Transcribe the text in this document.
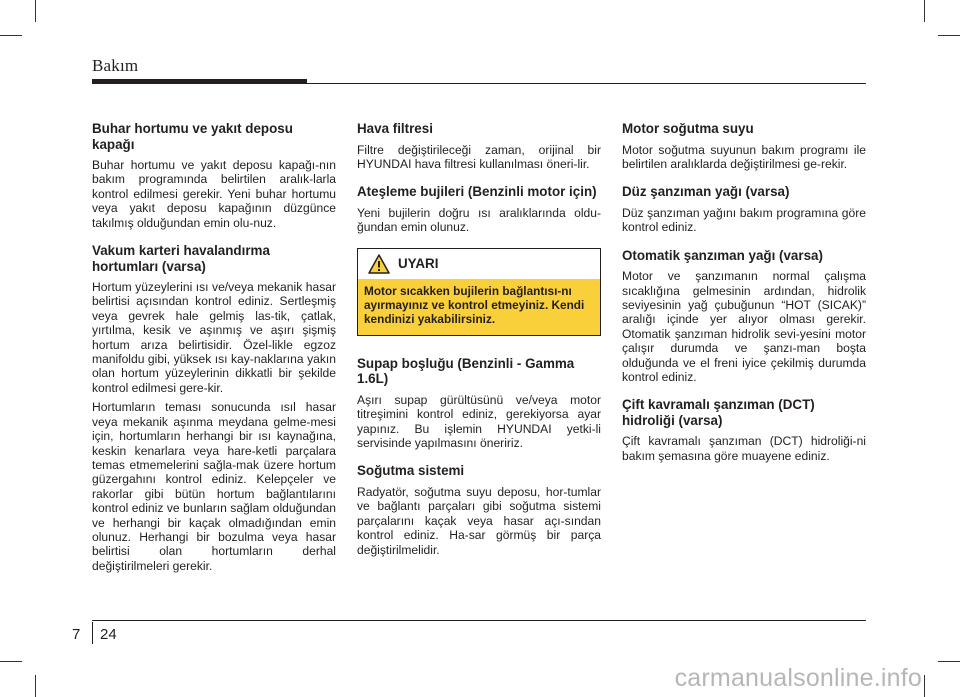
Bakım
Buhar hortumu ve yakıt deposu kapağı

Buhar hortumu ve yakıt deposu kapağı-nın bakım programında belirtilen aralık-larla kontrol edilmesi gerekir. Yeni buhar hortumu veya yakıt deposu kapağının düzgünce takılmış olduğundan emin olu-nuz.

Vakum karteri havalandırma hortumları (varsa)

Hortum yüzeylerini ısı ve/veya mekanik hasar belirtisi açısından kontrol ediniz. Sertleşmiş veya gevrek hale gelmiş las-tik, çatlak, yırtılma, kesik ve aşınmış ve aşırı şişmiş hortum arıza belirtisidir. Özel-likle egzoz manifoldu gibi, yüksek ısı kay-naklarına yakın olan hortum yüzeylerinin dikkatli bir şekilde kontrol edilmesi gere-kir.

Hortumların teması sonucunda ısıl hasar veya mekanik aşınma meydana gelme-mesi için, hortumların herhangi bir ısı kaynağına, keskin kenarlara veya hare-ketli parçalara temas etmemelerini sağla-mak üzere hortum güzergahını kontrol ediniz. Kelepçeler ve rakorlar gibi bütün hortum bağlantılarını kontrol ediniz ve bunların sağlam olduğundan ve herhangi bir kaçak olmadığından emin olunuz. Herhangi bir bozulma veya hasar belirtisi olan hortumların derhal değiştirilmeleri gerekir.

Hava filtresi

Filtre değiştirileceği zaman, orijinal bir HYUNDAI hava filtresi kullanılması öneri-lir.

Ateşleme bujileri (Benzinli motor için)

Yeni bujilerin doğru ısı aralıklarında oldu-ğundan emin olunuz.

UYARI
Motor sıcakken bujilerin bağlantısı-nı ayırmayınız ve kontrol etmeyiniz. Kendi kendinizi yakabilirsiniz.
Supap boşluğu (Benzinli - Gamma 1.6L)

Aşırı supap gürültüsünü ve/veya motor titreşimini kontrol ediniz, gerekiyorsa ayar yapınız. Bu işlemin HYUNDAI yetki-li servisinde yapılmasını öneririz.

Soğutma sistemi

Radyatör, soğutma suyu deposu, hor-tumlar ve bağlantı parçaları gibi soğutma sistemi parçalarını kaçak veya hasar açı-sından kontrol ediniz. Ha-sar görmüş bir parça değiştirilmelidir.

Motor soğutma suyu

Motor soğutma suyunun bakım programı ile belirtilen aralıklarda değiştirilmesi ge-rekir.

Düz şanzıman yağı (varsa)

Düz şanzıman yağını bakım programına göre kontrol ediniz.

Otomatik şanzıman yağı (varsa)

Motor ve şanzımanın normal çalışma sıcaklığına gelmesinin ardından, hidrolik seviyesinin yağ çubuğunun “HOT (SICAK)” aralığı içinde yer alıyor olması gerekir. Otomatik şanzıman hidrolik sevi-yesini motor çalışır durumda ve şanzı-man boşta olduğunda ve el freni iyice çekilmiş durumda kontrol ediniz.

Çift kavramalı şanzıman (DCT) hidroliği (varsa)

Çift kavramalı şanzıman (DCT) hidroliği-ni bakım şemasına göre muayene ediniz.

7 24
carmanualsonline.info
